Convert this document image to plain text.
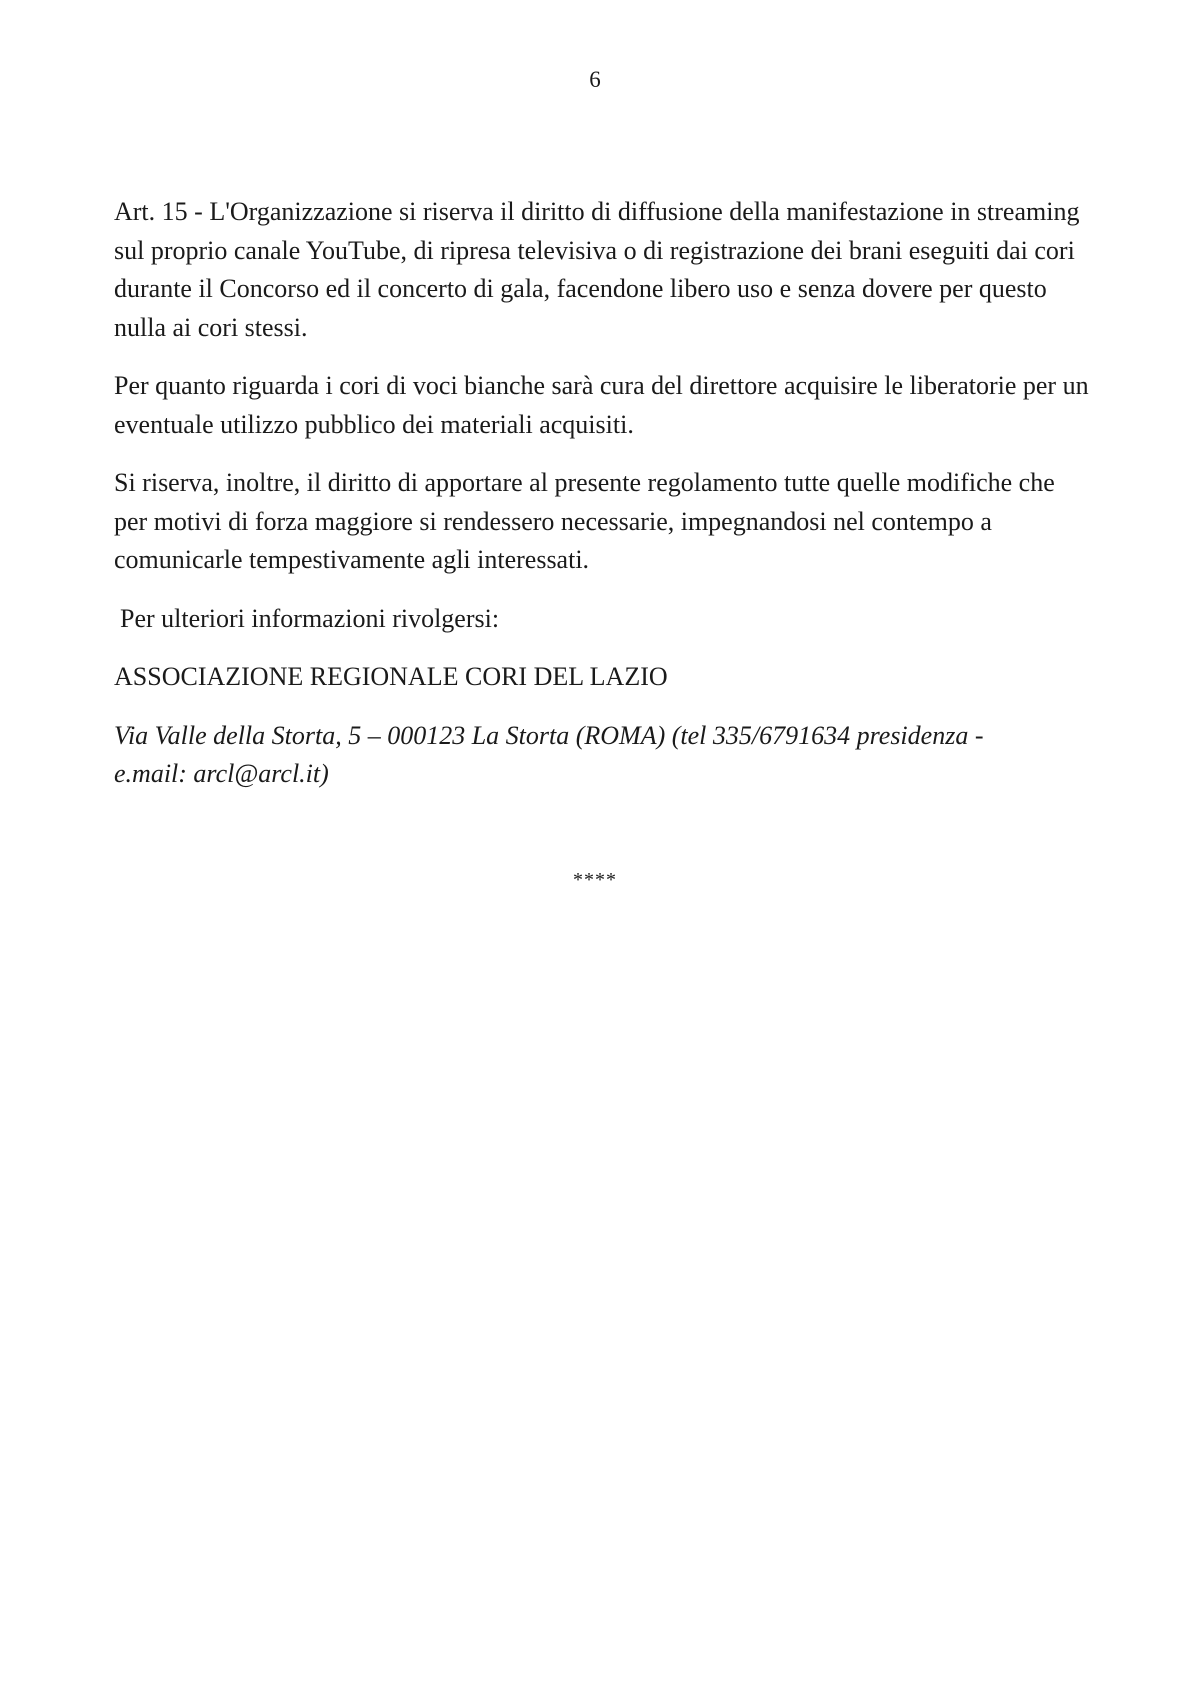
6

Art. 15 - L'Organizzazione si riserva il diritto di diffusione della manifestazione in streaming sul proprio canale YouTube, di ripresa televisiva o di registrazione dei brani eseguiti dai cori durante il Concorso ed il concerto di gala, facendone libero uso e senza dovere per questo nulla ai cori stessi.

Per quanto riguarda i cori di voci bianche sarà cura del direttore acquisire le liberatorie per un eventuale utilizzo pubblico dei materiali acquisiti.

Si riserva, inoltre, il diritto di apportare al presente regolamento tutte quelle modifiche che per motivi di forza maggiore si rendessero necessarie, impegnandosi nel contempo a comunicarle tempestivamente agli interessati.

Per ulteriori informazioni rivolgersi:

ASSOCIAZIONE REGIONALE CORI DEL LAZIO

Via Valle della Storta, 5 – 000123 La Storta (ROMA) (tel 335/6791634 presidenza -
e.mail: arcl@arcl.it)

****
